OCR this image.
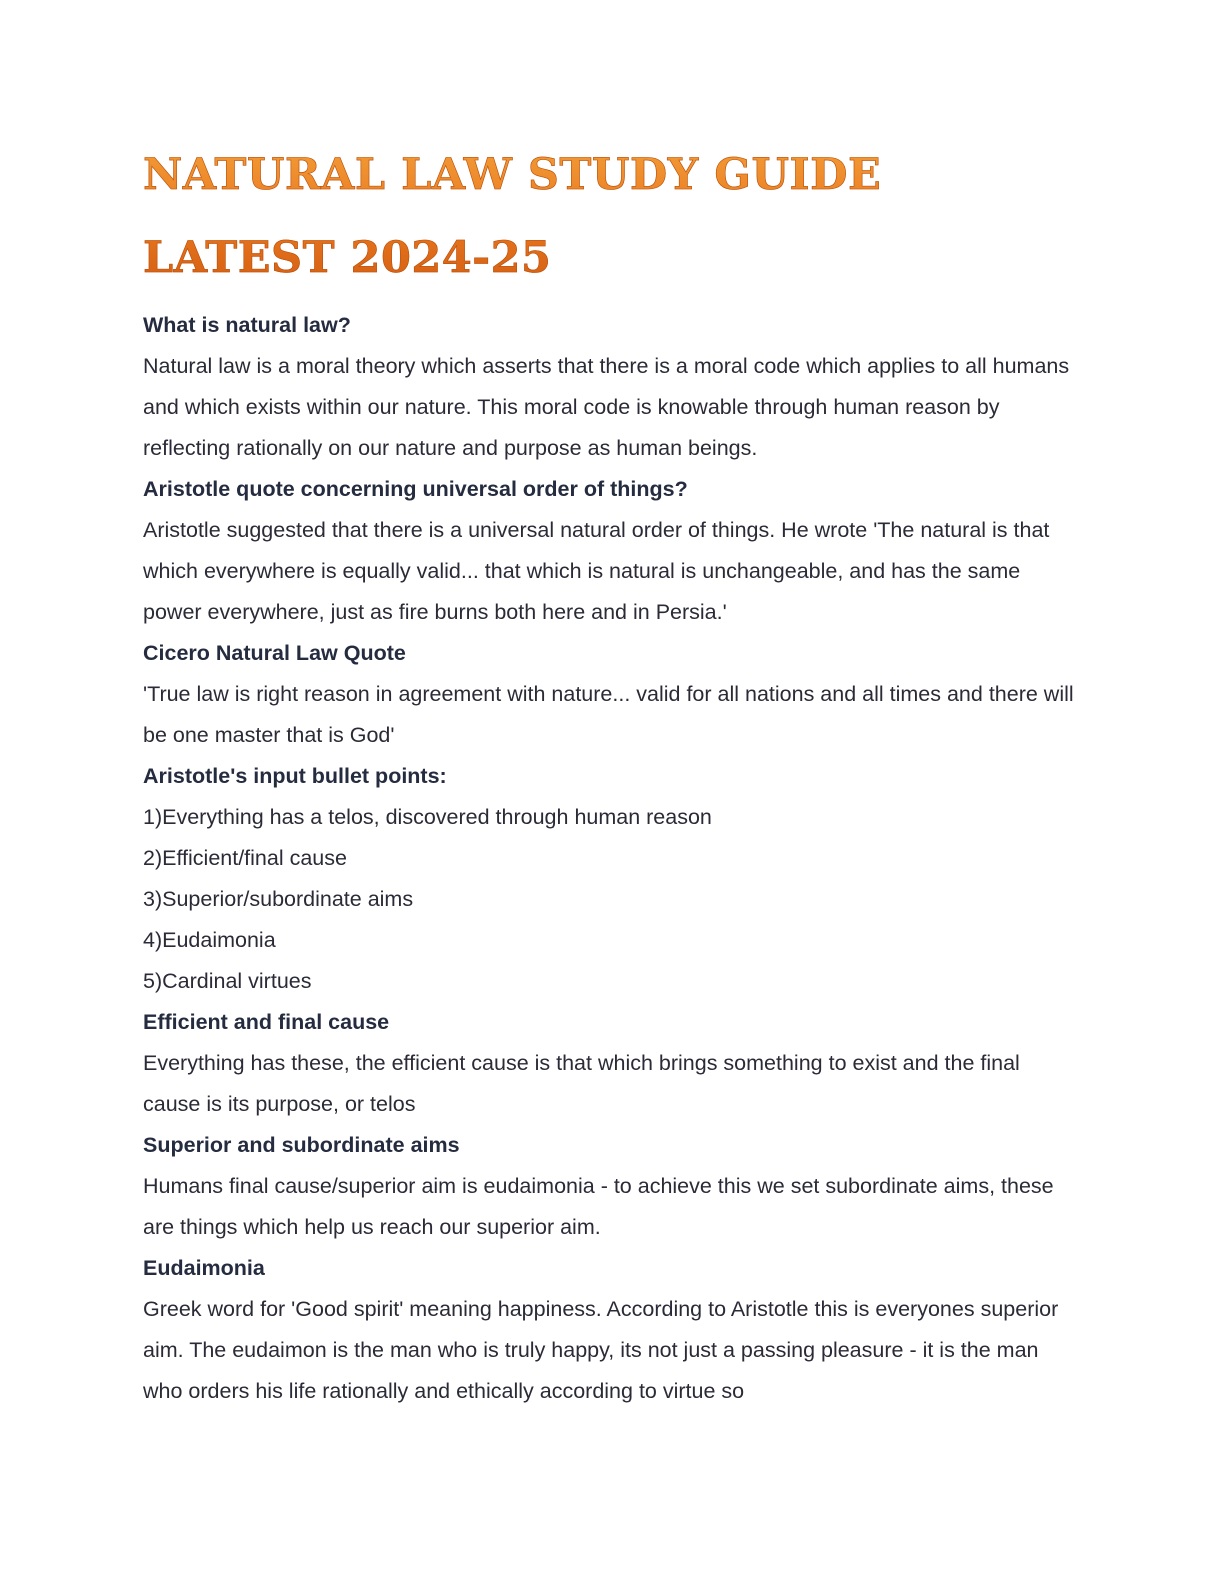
NATURAL LAW STUDY GUIDE
LATEST 2024-25

What is natural law?

Natural law is a moral theory which asserts that there is a moral code which applies to all humans and which exists within our nature. This moral code is knowable through human reason by reflecting rationally on our nature and purpose as human beings.

Aristotle quote concerning universal order of things?

Aristotle suggested that there is a universal natural order of things. He wrote 'The natural is that which everywhere is equally valid... that which is natural is unchangeable, and has the same power everywhere, just as fire burns both here and in Persia.'

Cicero Natural Law Quote

'True law is right reason in agreement with nature... valid for all nations and all times and there will be one master that is God'

Aristotle's input bullet points:

1)Everything has a telos, discovered through human reason

2)Efficient/final cause

3)Superior/subordinate aims

4)Eudaimonia

5)Cardinal virtues

Efficient and final cause

Everything has these, the efficient cause is that which brings something to exist and the final cause is its purpose, or telos

Superior and subordinate aims

Humans final cause/superior aim is eudaimonia - to achieve this we set subordinate aims, these are things which help us reach our superior aim.

Eudaimonia

Greek word for 'Good spirit' meaning happiness. According to Aristotle this is everyones superior aim. The eudaimon is the man who is truly happy, its not just a passing pleasure - it is the man who orders his life rationally and ethically according to virtue so
